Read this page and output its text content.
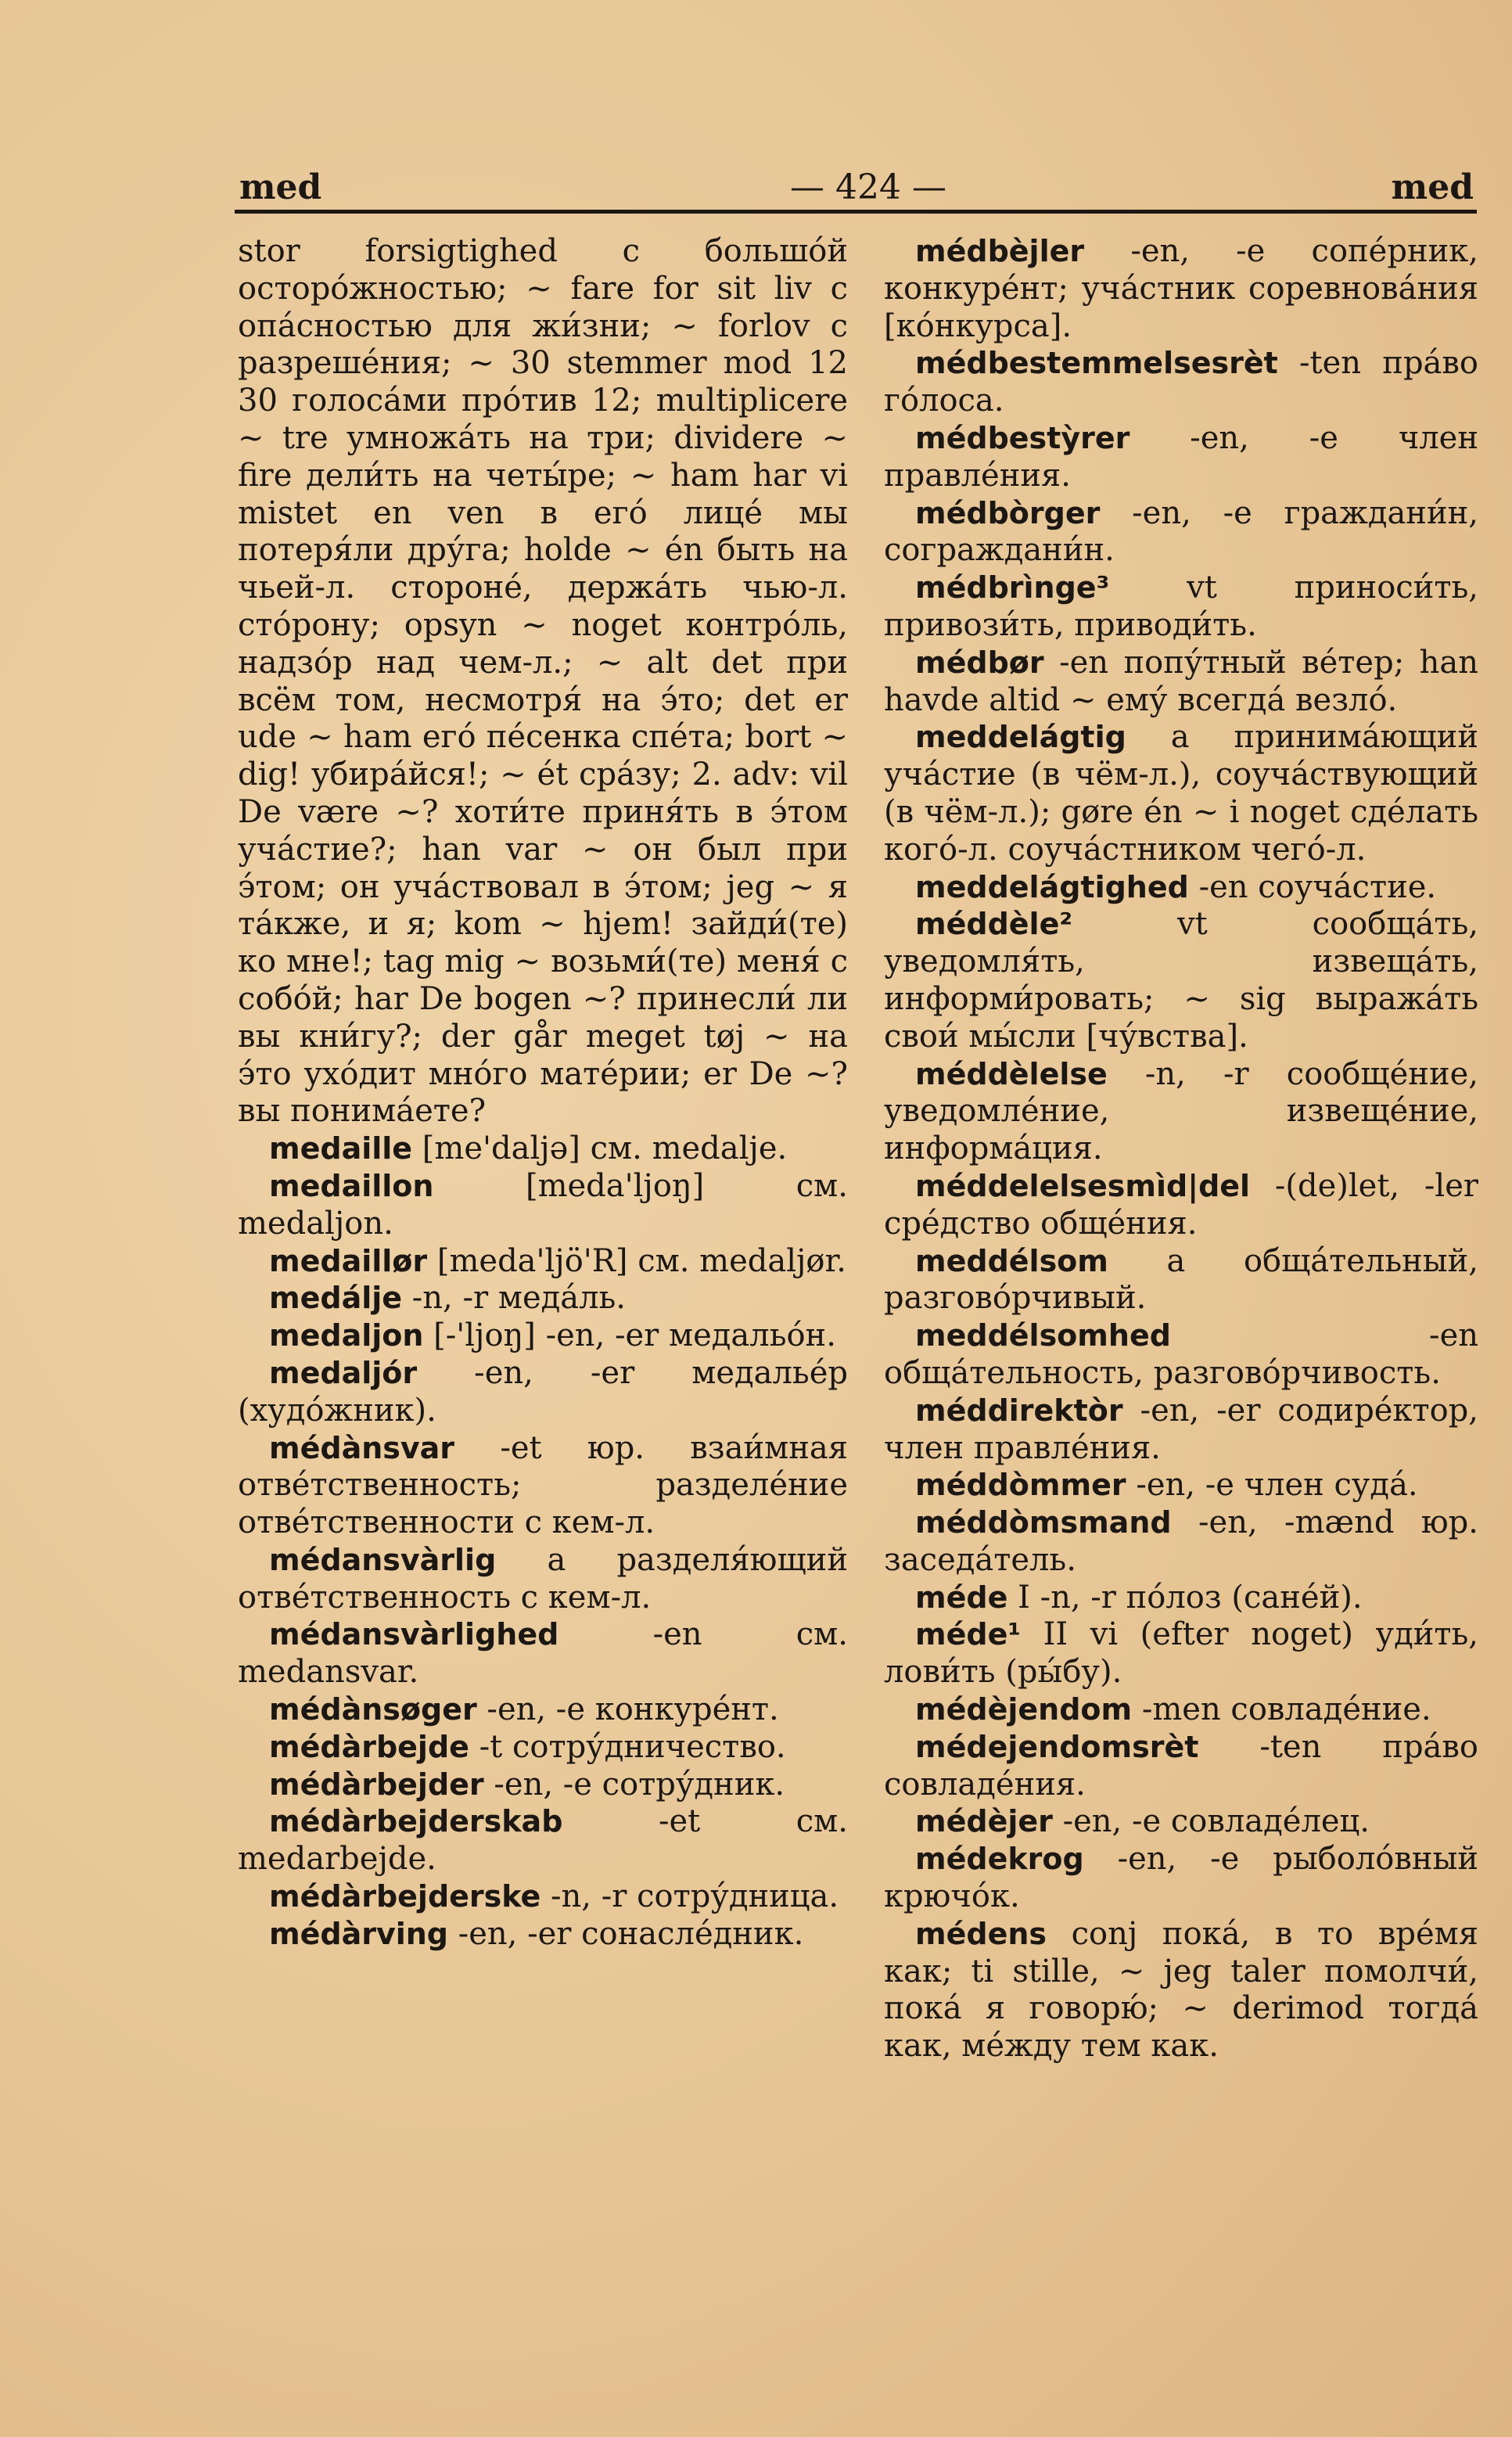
med	— 424 —	med

stor forsigtighed с большо́й осторо́жностью; ~ fare for sit liv с опа́сностью для жи́зни; ~ forlov с разреше́ния; ~ 30 stemmer mod 12 30 голоса́ми про́тив 12; multiplicere ~ tre умножа́ть на три; dividere ~ fire дели́ть на четы́ре; ~ ham har vi mistet en ven в его́ лице́ мы потеря́ли дру́га; holde ~ е́n быть на чьей-л. стороне́, держа́ть чью-л. сто́рону; opsyn ~ noget контро́ль, надзо́р над чем-л.; ~ alt det при всём том, несмотря́ на э́то; det er ude ~ ham его́ пе́сенка спе́та; bort ~ dig! убира́йся!; ~ е́t сра́зу; 2. adv: vil De være ~? хоти́те приня́ть в э́том уча́стие?; han var ~ он был при э́том; он уча́ствовал в э́том; jeg ~ я та́кже, и я; kom ~ hjem! зайди́(те) ко мне!; tag mig ~ возьми́(те) меня́ с собо́й; har De bogen ~? принесли́ ли вы кни́гу?; der går meget tøj ~ на э́то ухо́дит мно́го мате́рии; er De ~? вы понима́ете?

medaille [me'daljə] см. medalje.

medaillon	[meda'ljoŋ] см. medaljon.

medaillør [meda'ljö'R] см. medaljør.

medálje -n, -r меда́ль.

medaljon [-'ljoŋ] -en, -er медальо́н.

medaljо́r -en, -er медалье́р (худо́жник).

médànsvar -et юр. взаи́мная отве́тственность; разделе́ние отве́тственности с кем-л.

médansvàrlig a разделя́ющий отве́тственность с кем-л.

médansvàrlighed	-en см. medansvar.

médànsøger -en, -e конкуре́нт.

médàrbejde -t сотру́дничество.

médàrbejder -en, -e сотру́дник.

médàrbejderskab	-et см. medarbejde.

médàrbejderske -n, -r сотру́дница.

médàrving -en, -er сонасле́дник.

médbèjler -en, -e сопе́рник, конкуре́нт; уча́стник соревнова́ния [ко́нкурса].

médbestemmelsesrèt -ten пра́во го́лоса.

médbestỳrer -en, -e член правле́ния.

médbòrger -en, -e граждани́н, сограждани́н.

médbrìnge³ vt приноси́ть, привози́ть, приводи́ть.

médbør -en попу́тный ве́тер; han havde altid ~ ему́ всегда́ везло́.

meddelágtig a принима́ющий уча́стие (в чём-л.), соуча́ствующий (в чём-л.); gøre én ~ i noget сде́лать кого́-л. соуча́стником чего́-л.

meddelágtighed -en соуча́стие.

méddèle²	vt сообща́ть, уведомля́ть, извеща́ть, информи́ровать; ~ sig выража́ть свои́ мы́сли [чу́вства].

méddèlelse -n, -r сообще́ние, уведомле́ние, извеще́ние, информа́ция.

méddelelsesmìd|del -(de)let, -ler сре́дство обще́ния.

meddélsom a обща́тельный, разгово́рчивый.

meddélsomhed	-en обща́тельность, разгово́рчивость.

méddirektòr -en, -er содире́ктор, член правле́ния.

méddòmmer -en, -e член суда́.

méddòmsmand -en, -mænd юр. заседа́тель.

méde I -n, -r по́лоз (сане́й).

méde¹ II vi (efter noget) уди́ть, лови́ть (ры́бу).

médèjendom -men совладе́ние.

médejendomsrèt -ten пра́во совладе́ния.

médèjer -en, -e совладе́лец.

médekrog -en, -e рыболо́вный крючо́к.

médens conj пока́, в то вре́мя как; ti stille, ~ jeg taler помолчи́, пока́ я говорю́; ~ derimod тогда́ как, ме́жду тем как.
